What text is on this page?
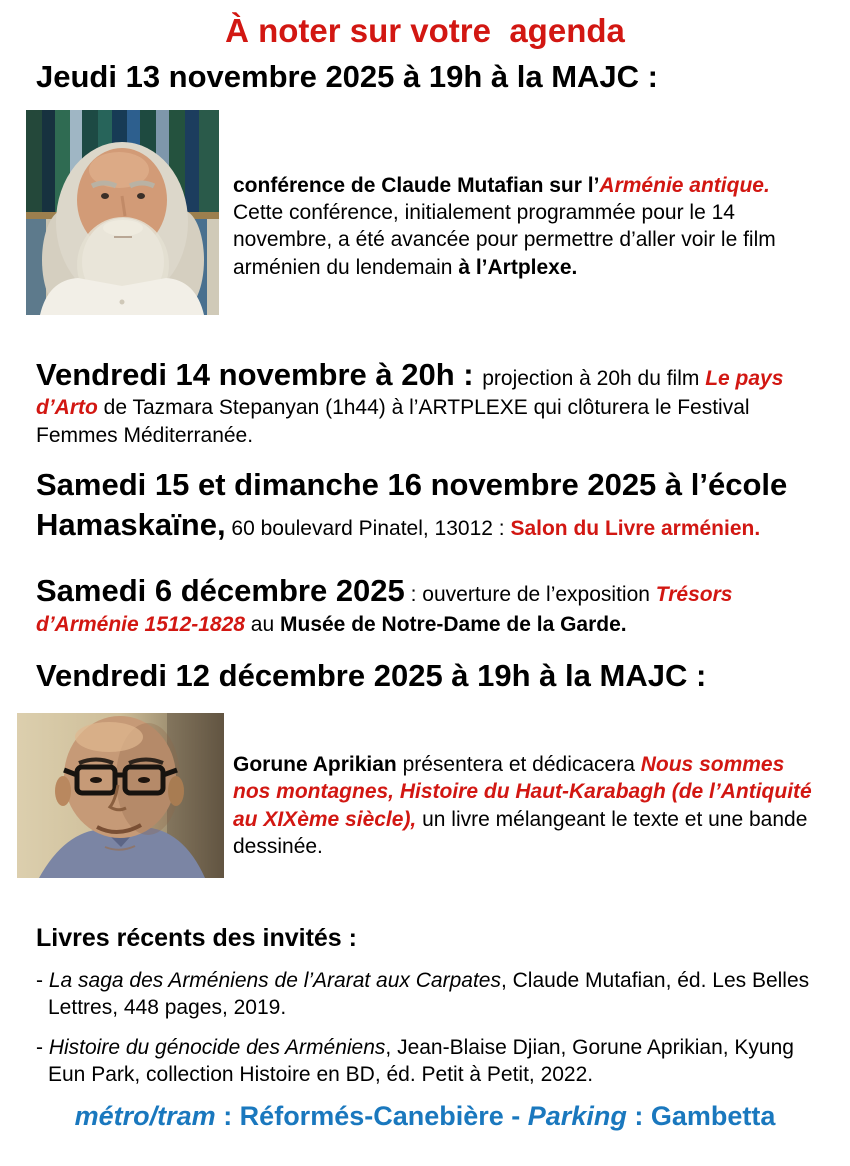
À noter sur votre  agenda
Jeudi 13 novembre 2025 à 19h à la MAJC :

conférence de Claude Mutafian sur l’Arménie antique. Cette conférence, initialement programmée pour le 14 novembre, a été avancée pour permettre d’aller voir le film arménien du lendemain à l’Artplexe.

Vendredi 14 novembre à 20h : projection à 20h du film Le pays d’Arto de Tazmara Stepanyan (1h44) à l’ARTPLEXE qui clôturera le Festival Femmes Méditerranée.

Samedi 15 et dimanche 16 novembre 2025 à l’école Hamaskaïne, 60 boulevard Pinatel, 13012 : Salon du Livre arménien.

Samedi 6 décembre 2025 : ouverture de l’exposition Trésors d’Arménie 1512-1828 au Musée de Notre-Dame de la Garde.

Vendredi 12 décembre 2025 à 19h à la MAJC :

Gorune Aprikian présentera et dédicacera Nous sommes nos montagnes, Histoire du Haut-Karabagh (de l’Antiquité au XIXème siècle), un livre mélangeant le texte et une bande dessinée.

Livres récents des invités :

- La saga des Arméniens de l’Ararat aux Carpates, Claude Mutafian, éd. Les Belles Lettres, 448 pages, 2019.

- Histoire du génocide des Arméniens, Jean-Blaise Djian, Gorune Aprikian, Kyung Eun Park, collection Histoire en BD, éd. Petit à Petit, 2022.

métro/tram : Réformés-Canebière - Parking : Gambetta
